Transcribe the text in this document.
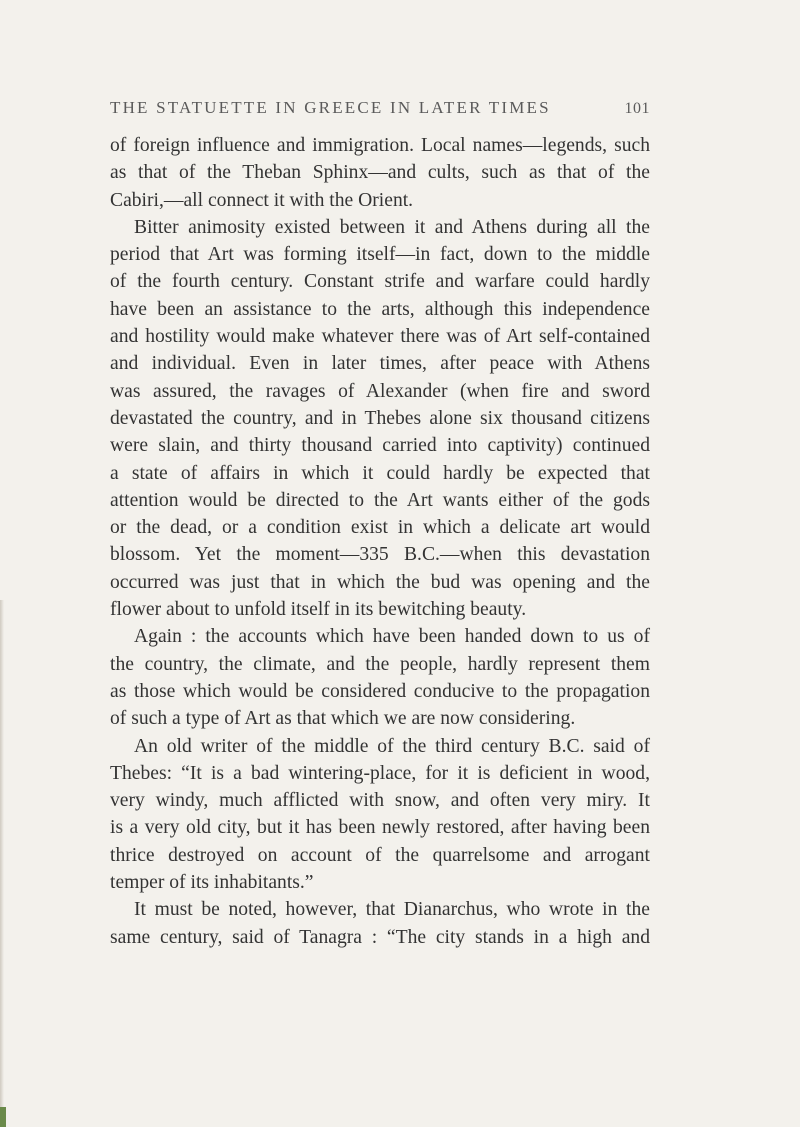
THE STATUETTE IN GREECE IN LATER TIMES	101
of foreign influence and immigration. Local names—legends, such
as that of the Theban Sphinx—and cults, such as that of the
Cabiri,—all connect it with the Orient.
Bitter animosity existed between it and Athens during all the
period that Art was forming itself—in fact, down to the middle
of the fourth century. Constant strife and warfare could hardly
have been an assistance to the arts, although this independence
and hostility would make whatever there was of Art self-contained
and individual. Even in later times, after peace with Athens
was assured, the ravages of Alexander (when fire and sword
devastated the country, and in Thebes alone six thousand citizens
were slain, and thirty thousand carried into captivity) continued
a state of affairs in which it could hardly be expected that
attention would be directed to the Art wants either of the gods
or the dead, or a condition exist in which a delicate art would
blossom. Yet the moment—335 B.C.—when this devastation
occurred was just that in which the bud was opening and the
flower about to unfold itself in its bewitching beauty.
Again : the accounts which have been handed down to us of
the country, the climate, and the people, hardly represent them
as those which would be considered conducive to the propagation
of such a type of Art as that which we are now considering.
An old writer of the middle of the third century B.C. said of
Thebes: “It is a bad wintering-place, for it is deficient in wood,
very windy, much afflicted with snow, and often very miry. It
is a very old city, but it has been newly restored, after having been
thrice destroyed on account of the quarrelsome and arrogant
temper of its inhabitants.”
It must be noted, however, that Dianarchus, who wrote in the
same century, said of Tanagra : “The city stands in a high and
